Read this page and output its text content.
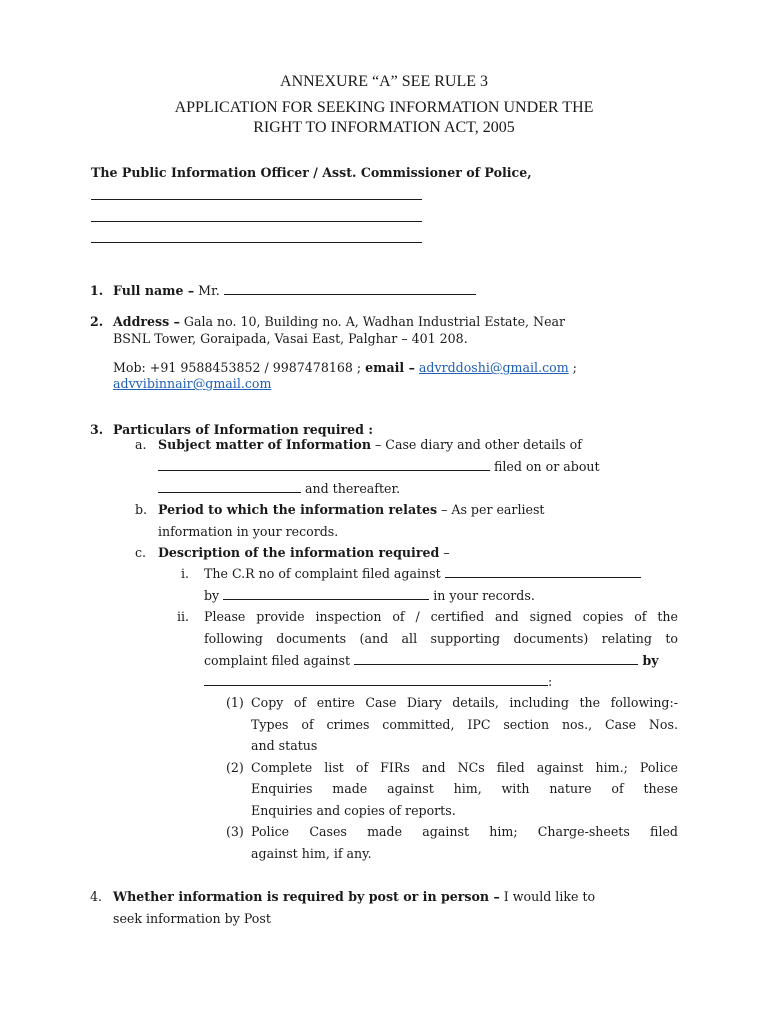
ANNEXURE “A” SEE RULE 3
APPLICATION FOR SEEKING INFORMATION UNDER THE
RIGHT TO INFORMATION ACT, 2005
The Public Information Officer / Asst. Commissioner of Police,
1. Full name – Mr.
2. Address – Gala no. 10, Building no. A, Wadhan Industrial Estate, Near
BSNL Tower, Goraipada, Vasai East, Palghar – 401 208.
Mob: +91 9588453852 / 9987478168 ; email – advrddoshi@gmail.com ;
advvibinnair@gmail.com
3. Particulars of Information required :
a. Subject matter of Information – Case diary and other details of
filed on or about
and thereafter.
b. Period to which the information relates – As per earliest
information in your records.
c. Description of the information required –
i. The C.R no of complaint filed against
by	in your records.
ii. Please provide inspection of / certified and signed copies of the
following documents (and all supporting documents) relating to
complaint filed against	by
:
(1) Copy of entire Case Diary details, including the following:-
Types of crimes committed, IPC section nos., Case Nos.
and status
(2) Complete list of FIRs and NCs filed against him.; Police
Enquiries made against him, with nature of these
Enquiries and copies of reports.
(3) Police Cases made against him; Charge-sheets filed
against him, if any.
4. Whether information is required by post or in person – I would like to
seek information by Post
